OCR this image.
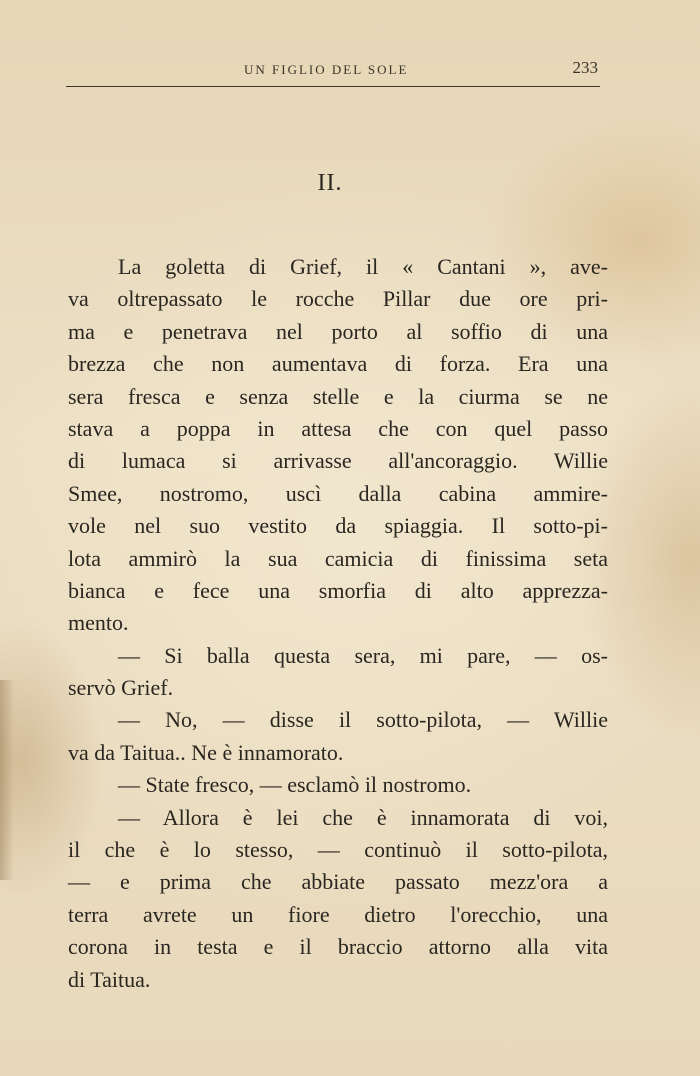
UN FIGLIO DEL SOLE	233
II.
La goletta di Grief, il « Cantani », ave-
va oltrepassato le rocche Pillar due ore pri-
ma e penetrava nel porto al soffio di una
brezza che non aumentava di forza. Era una
sera fresca e senza stelle e la ciurma se ne
stava a poppa in attesa che con quel passo
di lumaca si arrivasse all'ancoraggio. Willie
Smee, nostromo, uscì dalla cabina ammire-
vole nel suo vestito da spiaggia. Il sotto-pi-
lota ammirò la sua camicia di finissima seta
bianca e fece una smorfia di alto apprezza-
mento.
— Si balla questa sera, mi pare, — os-
servò Grief.
— No, — disse il sotto-pilota, — Willie
va da Taitua.. Ne è innamorato.
— State fresco, — esclamò il nostromo.
— Allora è lei che è innamorata di voi,
il che è lo stesso, — continuò il sotto-pilota,
— e prima che abbiate passato mezz'ora a
terra avrete un fiore dietro l'orecchio, una
corona in testa e il braccio attorno alla vita
di Taitua.
